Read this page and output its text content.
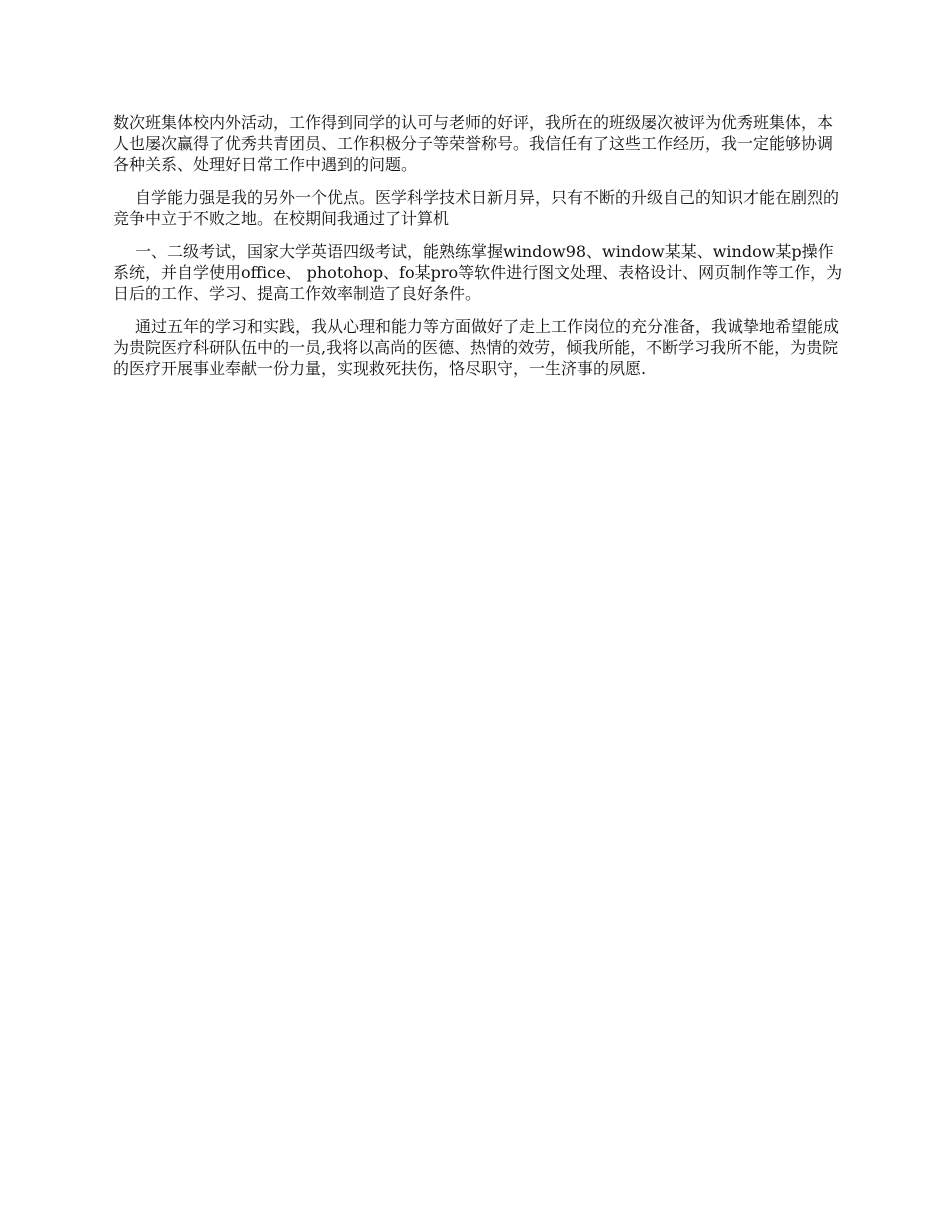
数次班集体校内外活动，工作得到同学的认可与老师的好评，我所在的班级屡次被评为优秀班集体，本人也屡次赢得了优秀共青团员、工作积极分子等荣誉称号。我信任有了这些工作经历，我一定能够协调各种关系、处理好日常工作中遇到的问题。

自学能力强是我的另外一个优点。医学科学技术日新月异，只有不断的升级自己的知识才能在剧烈的竞争中立于不败之地。在校期间我通过了计算机

一、二级考试，国家大学英语四级考试，能熟练掌握window98、window某某、window某p操作系统，并自学使用office、 photohop、fo某pro等软件进行图文处理、表格设计、网页制作等工作，为日后的工作、学习、提高工作效率制造了良好条件。

通过五年的学习和实践，我从心理和能力等方面做好了走上工作岗位的充分准备，我诚挚地希望能成为贵院医疗科研队伍中的一员,我将以高尚的医德、热情的效劳，倾我所能，不断学习我所不能，为贵院的医疗开展事业奉献一份力量，实现救死扶伤，恪尽职守，一生济事的夙愿.
